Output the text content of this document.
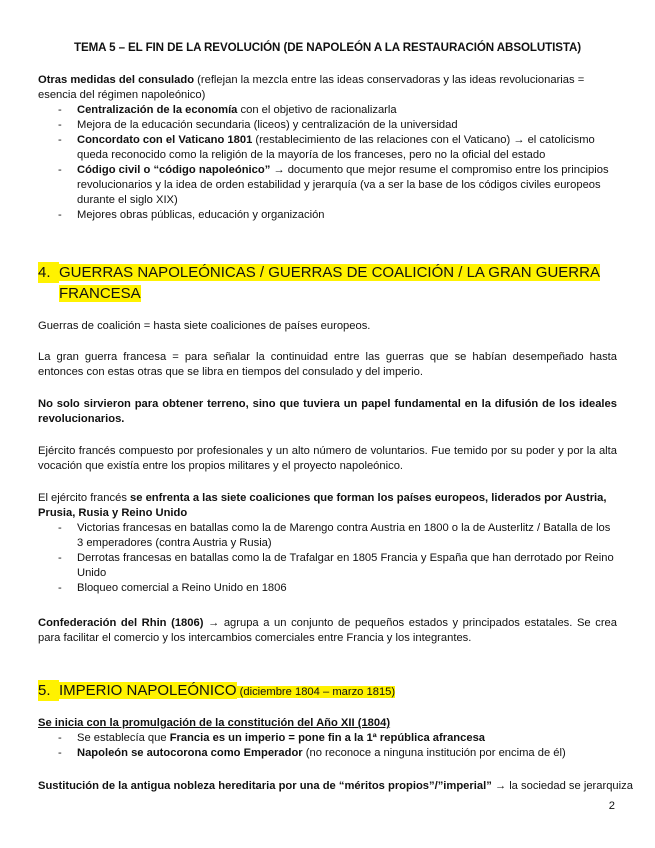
TEMA 5 – EL FIN DE LA REVOLUCIÓN (DE NAPOLEÓN A LA RESTAURACIÓN ABSOLUTISTA)
Otras medidas del consulado (reflejan la mezcla entre las ideas conservadoras y las ideas revolucionarias = esencia del régimen napoleónico)
- Centralización de la economía con el objetivo de racionalizarla
- Mejora de la educación secundaria (liceos) y centralización de la universidad
- Concordato con el Vaticano 1801 (restablecimiento de las relaciones con el Vaticano) → el catolicismo queda reconocido como la religión de la mayoría de los franceses, pero no la oficial del estado
- Código civil o “código napoleónico” → documento que mejor resume el compromiso entre los principios revolucionarios y la idea de orden estabilidad y jerarquía (va a ser la base de los códigos civiles europeos durante el siglo XIX)
- Mejores obras públicas, educación y organización
4. GUERRAS NAPOLEÓNICAS / GUERRAS DE COALICIÓN / LA GRAN GUERRA
FRANCESA
Guerras de coalición = hasta siete coaliciones de países europeos.
La gran guerra francesa = para señalar la continuidad entre las guerras que se habían desempeñado hasta entonces con estas otras que se libra en tiempos del consulado y del imperio.
No solo sirvieron para obtener terreno, sino que tuviera un papel fundamental en la difusión de los ideales revolucionarios.
Ejército francés compuesto por profesionales y un alto número de voluntarios. Fue temido por su poder y por la alta vocación que existía entre los propios militares y el proyecto napoleónico.
El ejército francés se enfrenta a las siete coaliciones que forman los países europeos, liderados por Austria, Prusia, Rusia y Reino Unido
- Victorias francesas en batallas como la de Marengo contra Austria en 1800 o la de Austerlitz / Batalla de los 3 emperadores (contra Austria y Rusia)
- Derrotas francesas en batallas como la de Trafalgar en 1805 Francia y España que han derrotado por Reino Unido
- Bloqueo comercial a Reino Unido en 1806
Confederación del Rhin (1806) → agrupa a un conjunto de pequeños estados y principados estatales. Se crea para facilitar el comercio y los intercambios comerciales entre Francia y los integrantes.
5. IMPERIO NAPOLEÓNICO (diciembre 1804 – marzo 1815)
Se inicia con la promulgación de la constitución del Año XII (1804)
- Se establecía que Francia es un imperio = pone fin a la 1ª república afrancesa
- Napoleón se autocorona como Emperador (no reconoce a ninguna institución por encima de él)
Sustitución de la antigua nobleza hereditaria por una de “méritos propios”/”imperial” → la sociedad se jerarquiza
2
